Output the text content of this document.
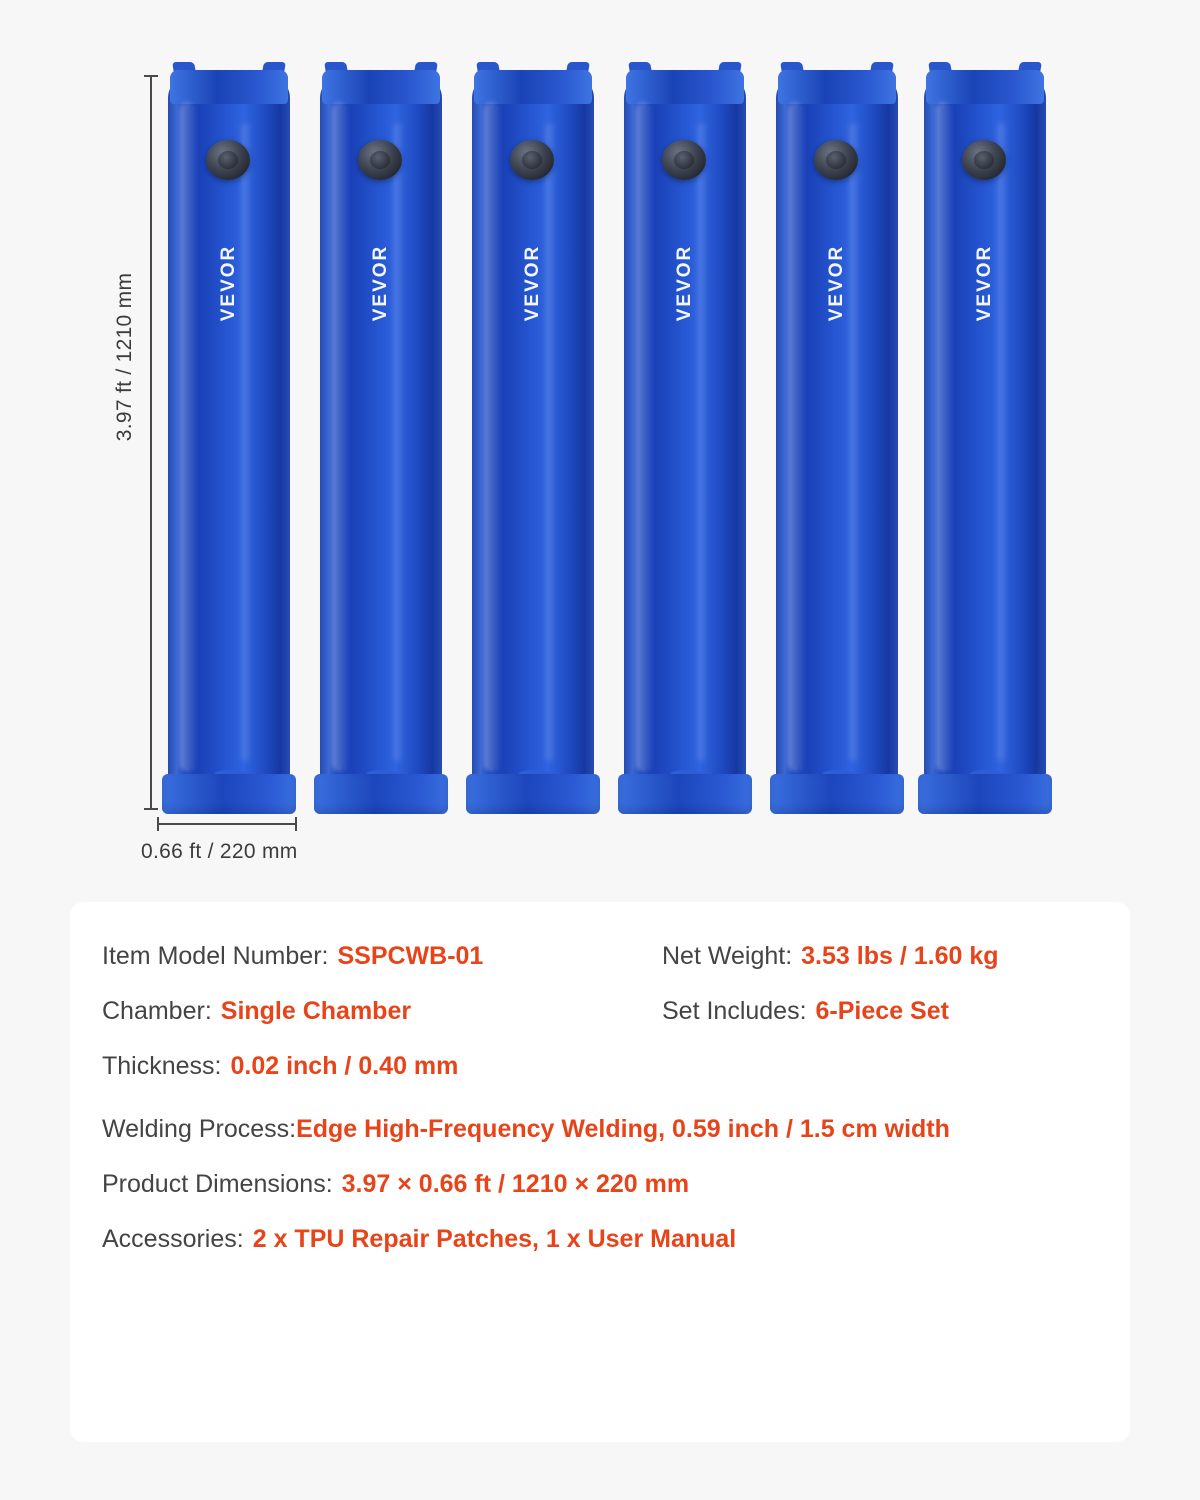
3.97 ft / 1210 mm
0.66 ft / 220 mm
VEVOR	VEVOR	VEVOR	VEVOR	VEVOR	VEVOR
Item Model Number: SSPCWB-01	Net Weight: 3.53 lbs / 1.60 kg
Chamber: Single Chamber	Set Includes: 6-Piece Set
Thickness: 0.02 inch / 0.40 mm
Welding Process: Edge High-Frequency Welding, 0.59 inch / 1.5 cm width
Product Dimensions: 3.97 × 0.66 ft / 1210 × 220 mm
Accessories: 2 x TPU Repair Patches, 1 x User Manual
